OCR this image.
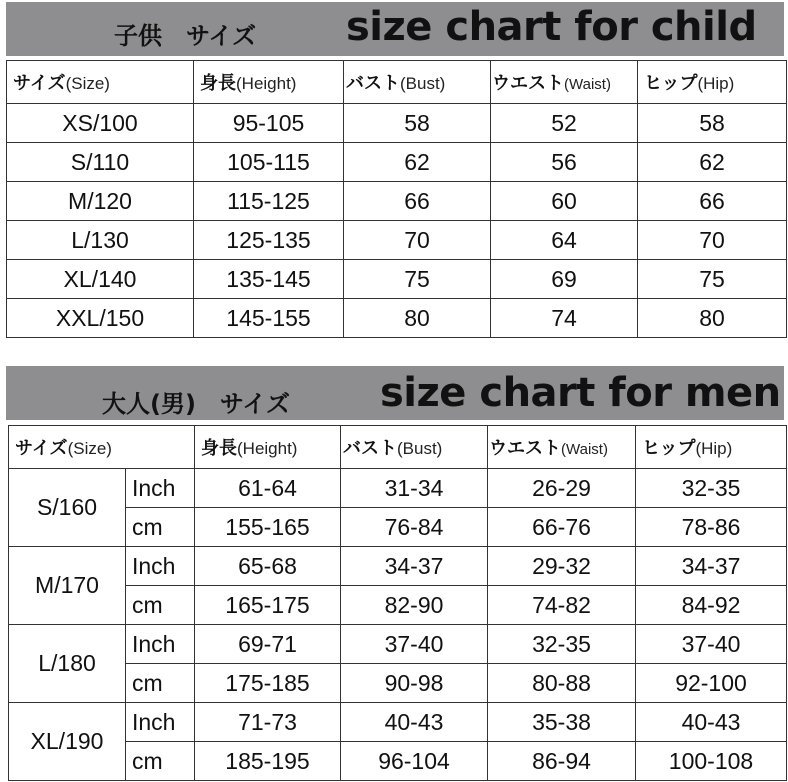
子供　サイズ size chart for child
サイズ(Size)	身長(Height)	バスト(Bust)	ウエスト(Waist)	ヒップ(Hip)
XS/100	95-105	58	52	58
S/110	105-115	62	56	62
M/120	115-125	66	60	66
L/130	125-135	70	64	70
XL/140	135-145	75	69	75
XXL/150	145-155	80	74	80
大人(男)　サイズ size chart for men
サイズ(Size)		身長(Height)	バスト(Bust)	ウエスト(Waist)	ヒップ(Hip)
S/160	Inch	61-64	31-34	26-29	32-35
	cm	155-165	76-84	66-76	78-86
M/170	Inch	65-68	34-37	29-32	34-37
	cm	165-175	82-90	74-82	84-92
L/180	Inch	69-71	37-40	32-35	37-40
	cm	175-185	90-98	80-88	92-100
XL/190	Inch	71-73	40-43	35-38	40-43
	cm	185-195	96-104	86-94	100-108
